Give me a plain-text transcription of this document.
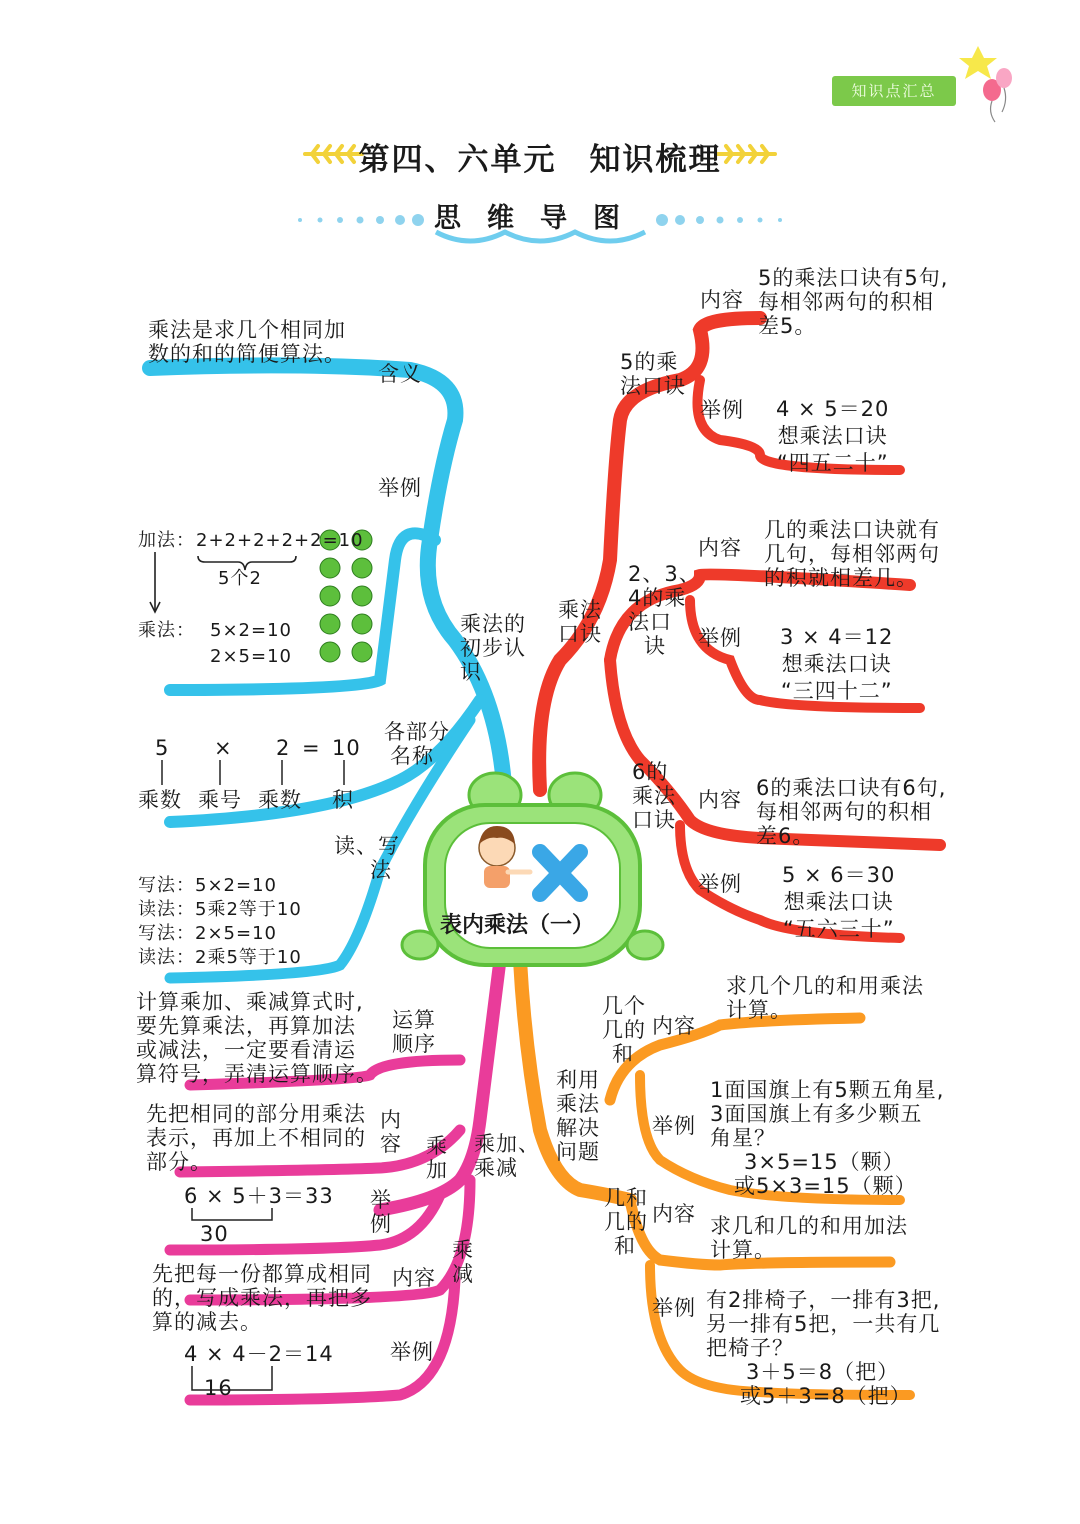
知识点汇总
第四、六单元　知识梳理
思维导图
表内乘法（一）
乘法的初步认识
乘法是求几个相同加
数的和的简便算法。
含义
举例
加法： 2+2+2+2+2=10
5个2
乘法： 5×2=10
2×5=10
各部分
名称
5 × 2 = 10
乘数 乘号 乘数 积
读、写
法
写法：5×2=10
读法：5乘2等于10
写法：2×5=10
读法：2乘5等于10
乘法口诀
5的乘
法口诀
内容
5的乘法口诀有5句,
每相邻两句的积相
差5。
举例 4 × 5＝20
想乘法口诀
“四五二十”
2、3、
4的乘
法口
诀
内容
几的乘法口诀就有
几句，每相邻两句
的积就相差几。
举例 3 × 4＝12
想乘法口诀
“三四十二”
6的
乘法
口诀
内容 6的乘法口诀有6句,
每相邻两句的积相
差6。
举例 5 × 6＝30
想乘法口诀
“五六三十”
乘加、
乘减
运算
顺序
计算乘加、乘减算式时,
要先算乘法，再算加法
或减法，一定要看清运
算符号，弄清运算顺序。
乘
加
内
容
先把相同的部分用乘法
表示，再加上不相同的
部分。
举
例
6 × 5＋3＝33
30
乘
减
内容
先把每一份都算成相同
的，写成乘法，再把多
算的减去。
举例
4 × 4－2＝14
16
利用
乘法
解决
问题
几个
几的
和
内容
求几个几的和用乘法
计算。
举例
1面国旗上有5颗五角星,
3面国旗上有多少颗五
角星？
3×5=15（颗）
或5×3=15（颗）
几和
几的
和
内容 求几和几的和用加法
计算。
举例 有2排椅子，一排有3把,
另一排有5把，一共有几
把椅子？
3＋5＝8（把）
或5＋3=8（把）
